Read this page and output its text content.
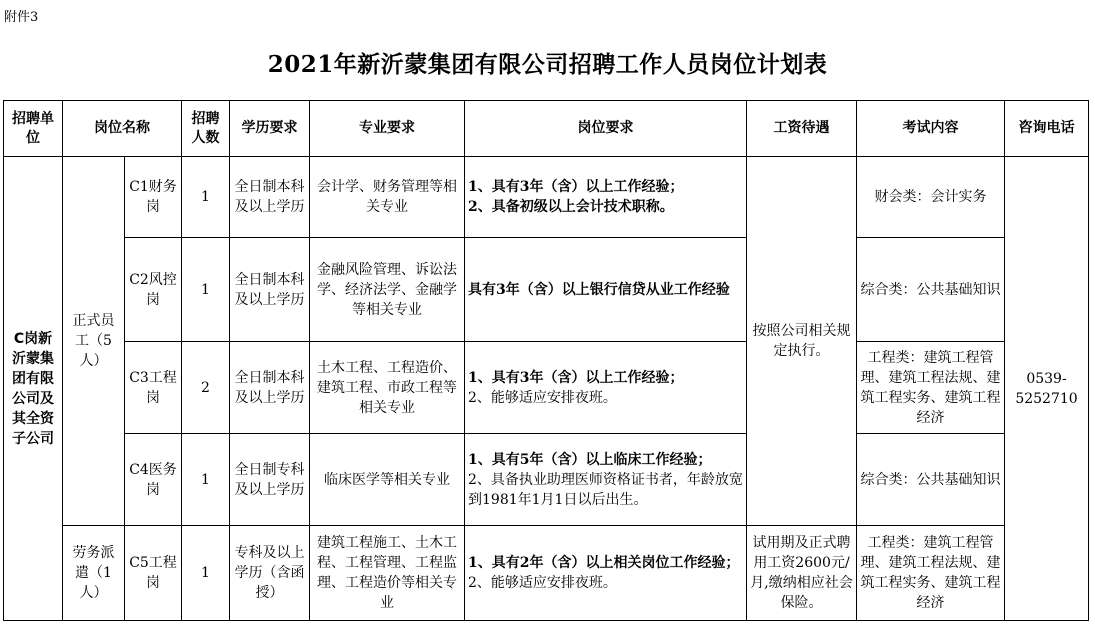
附件3
2021年新沂蒙集团有限公司招聘工作人员岗位计划表
招聘单位	岗位名称		招聘人数	学历要求	专业要求	岗位要求	工资待遇	考试内容	咨询电话
C岗新沂蒙集团有限公司及其全资子公司	正式员工（5人）	C1财务岗	1	全日制本科及以上学历	会计学、财务管理等相关专业	1、具有3年（含）以上工作经验；
2、具备初级以上会计技术职称。	按照公司相关规定执行。	财会类：会计实务	0539-5252710
		C2风控岗	1	全日制本科及以上学历	金融风险管理、诉讼法学、经济法学、金融学等相关专业	具有3年（含）以上银行信贷从业工作经验		综合类：公共基础知识	
		C3工程岗	2	全日制本科及以上学历	土木工程、工程造价、建筑工程、市政工程等相关专业	1、具有3年（含）以上工作经验；
2、能够适应安排夜班。		工程类：建筑工程管理、建筑工程法规、建筑工程实务、建筑工程经济	
		C4医务岗	1	全日制专科及以上学历	临床医学等相关专业	1、具有5年（含）以上临床工作经验；
2、具备执业助理医师资格证书者，年龄放宽到1981年1月1日以后出生。		综合类：公共基础知识	
	劳务派遣（1人）	C5工程岗	1	专科及以上学历（含函授）	建筑工程施工、土木工程、工程管理、工程监理、工程造价等相关专业	1、具有2年（含）以上相关岗位工作经验；
2、能够适应安排夜班。	试用期及正式聘用工资2600元/月,缴纳相应社会保险。	工程类：建筑工程管理、建筑工程法规、建筑工程实务、建筑工程经济	
